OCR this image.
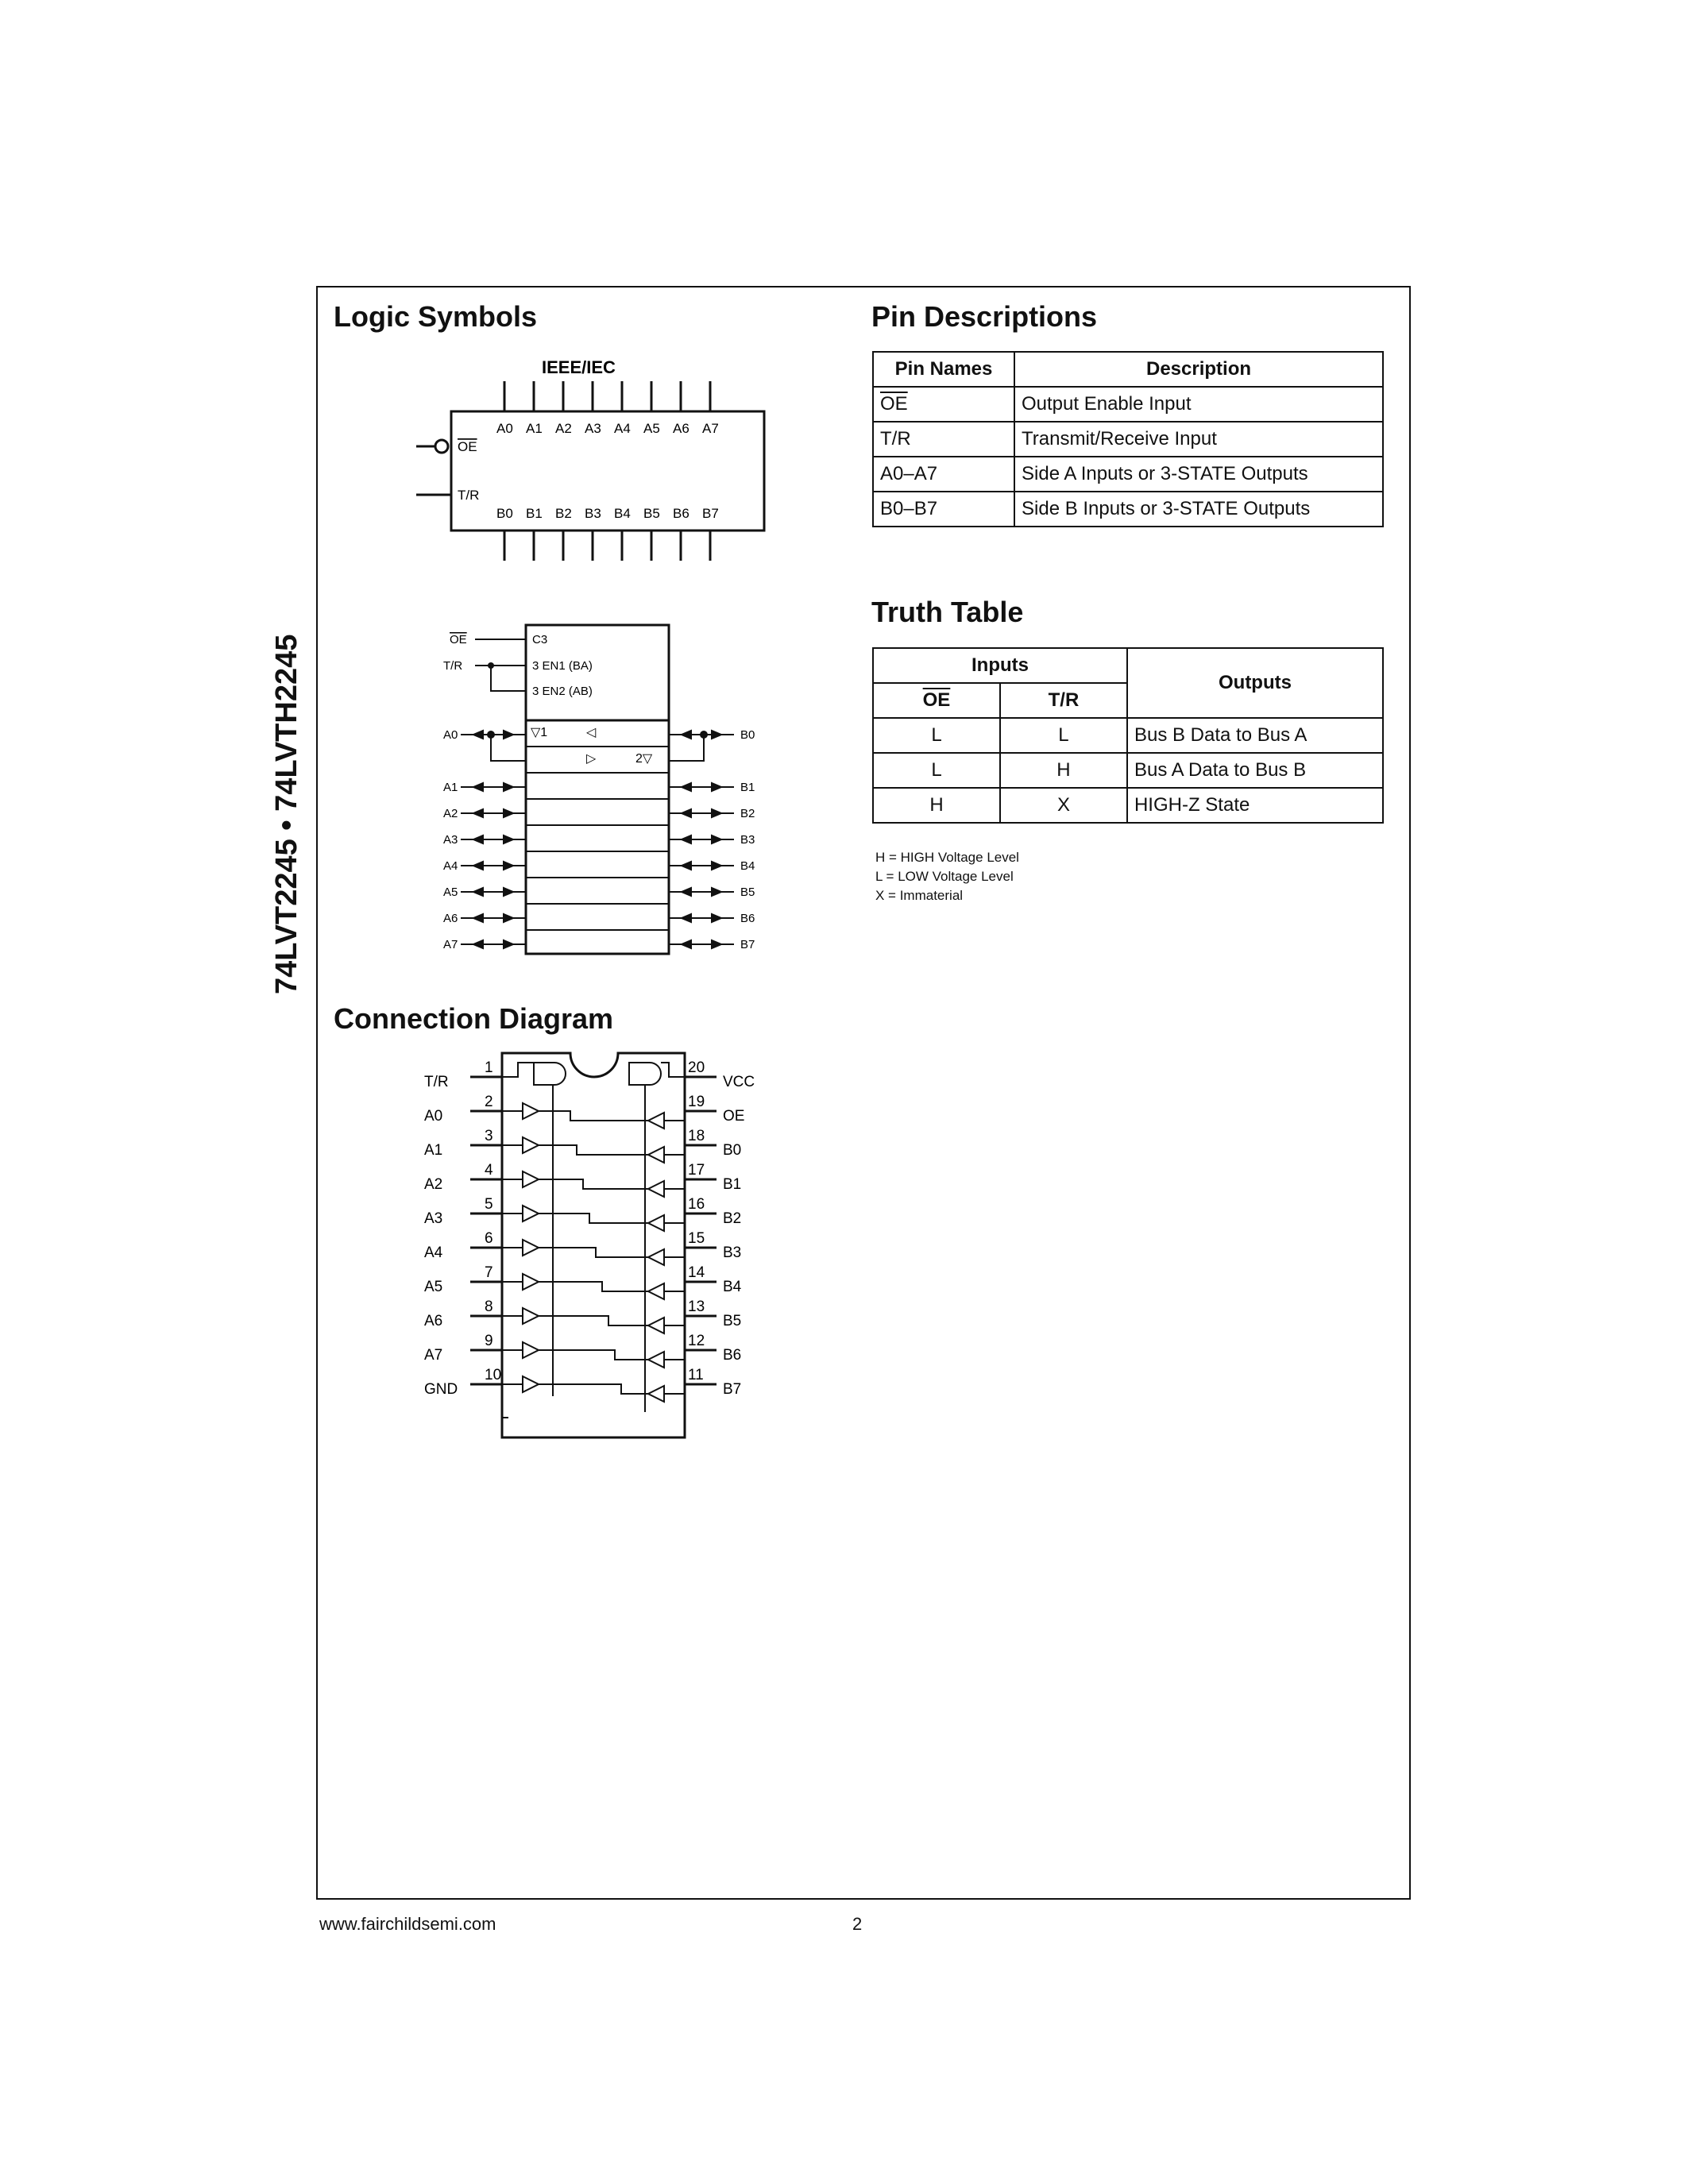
74LVT2245 • 74LVTH2245
Logic Symbols
IEEE/IEC
A0
B0
A1
B1
A2
B2
A3
B3
A4
B4
A5
B5
A6
B6
A7
B7
OE
T/R
A0	B0
A1	B1
A2	B2
A3	B3
A4	B4
A5	B5
A6	B6
A7	B7
C3
3 EN1 (BA)
3 EN2 (AB)
▽1	◁
▷	2▽
OE
T/R
Connection Diagram
1	20
T/R	VCC
2	19
A0	OE
3	18
A1	B0
4	17
A2	B1
5	16
A3	B2
6	15
A4	B3
7	14
A5	B4
8	13
A6	B5
9	12
A7	B6
10	11
GND	B7
Pin Descriptions
Pin Names	Description
$\overline{OE}$	Output Enable Input
T/R	Transmit/Receive Input
A0–A7	Side A Inputs or 3-STATE Outputs
B0–B7	Side B Inputs or 3-STATE Outputs
Truth Table
Inputs		Outputs
$\overline{OE}$	T/R	
L	L	Bus B Data to Bus A
L	H	Bus A Data to Bus B
H	X	HIGH-Z State
H = HIGH Voltage Level
L = LOW Voltage Level
X = Immaterial
www.fairchildsemi.com	2
